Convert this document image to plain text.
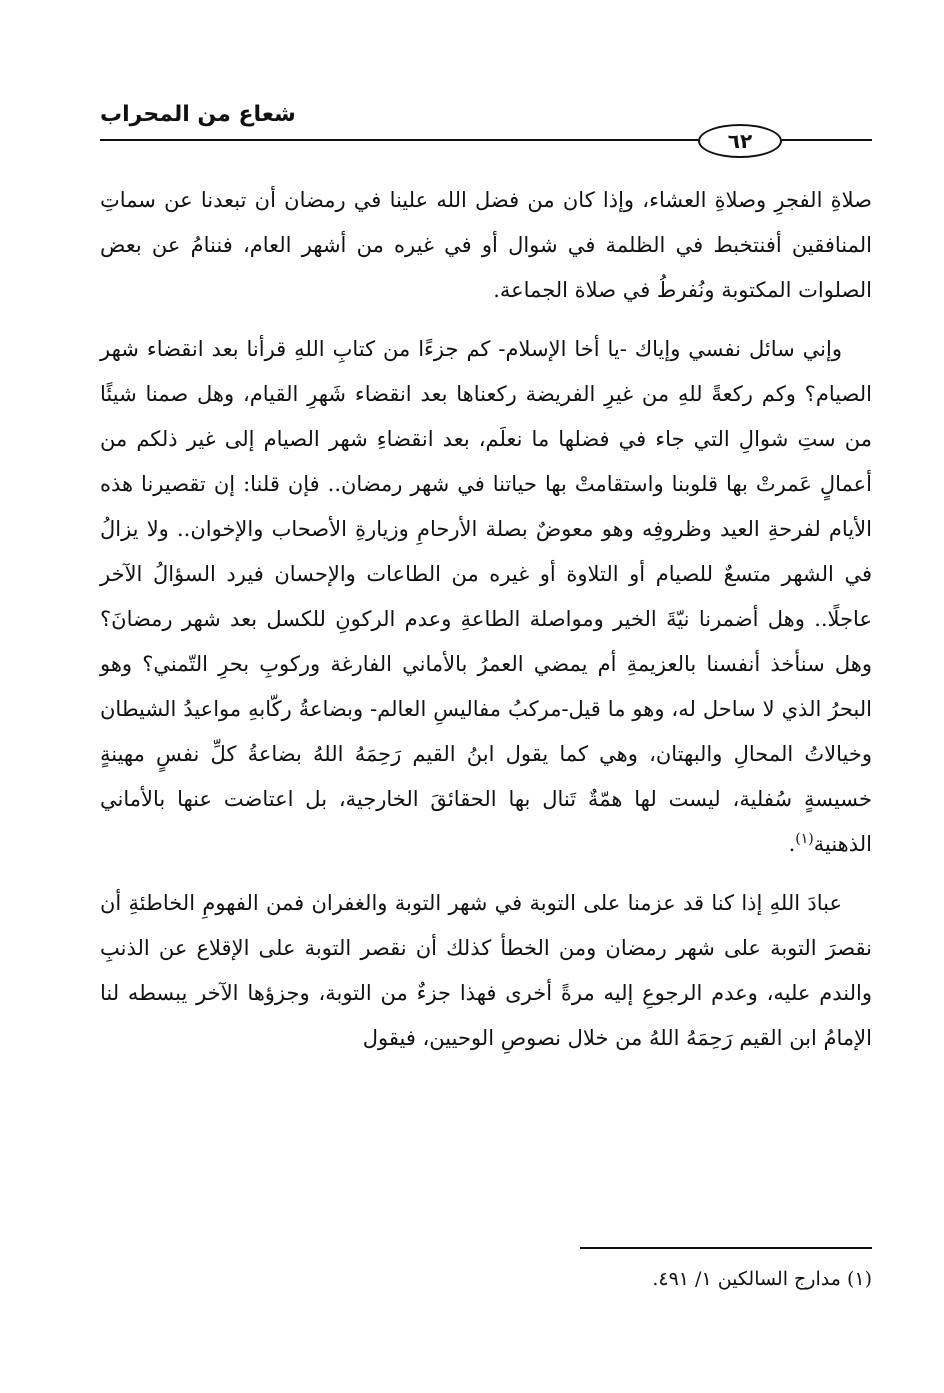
شعاع من المحراب
٦٢

صلاةِ الفجرِ وصلاةِ العشاء، وإذا كان من فضل الله علينا في رمضان أن تبعدنا عن سماتِ المنافقين أفنتخبط في الظلمة في شوال أو في غيره من أشهر العام، فننامُ عن بعض الصلوات المكتوبة ونُفرطُ في صلاة الجماعة.

وإني سائل نفسي وإياك -يا أخا الإسلام- كم جزءًا من كتابِ اللهِ قرأنا بعد انقضاء شهر الصيام؟ وكم ركعةً للهِ من غيرِ الفريضة ركعناها بعد انقضاء شَهرِ القيام، وهل صمنا شيئًا من ستِ شوالِ التي جاء في فضلها ما نعلَم، بعد انقضاءِ شهر الصيام إلى غير ذلكم من أعمالٍ عَمرتْ بها قلوبنا واستقامتْ بها حياتنا في شهر رمضان.. فإن قلنا: إن تقصيرنا هذه الأيام لفرحةِ العيد وظروفِه وهو معوضٌ بصلة الأرحامِ وزيارةِ الأصحاب والإخوان.. ولا يزالُ في الشهر متسعٌ للصيام أو التلاوة أو غيره من الطاعات والإحسان فيرد السؤالُ الآخر عاجلًا.. وهل أضمرنا نيّةَ الخير ومواصلة الطاعةِ وعدم الركونِ للكسل بعد شهر رمضانَ؟ وهل سنأخذ أنفسنا بالعزيمةِ أم يمضي العمرُ بالأماني الفارغة وركوبِ بحرِ التّمني؟ وهو البحرُ الذي لا ساحل له، وهو ما قيل-مركبُ مفاليسِ العالم- وبضاعةُ ركّابهِ مواعيدُ الشيطان وخيالاتُ المحالِ والبهتان، وهي كما يقول ابنُ القيم رَحِمَهُ اللهُ بضاعةُ كلِّ نفسٍ مهينةٍ خسيسةٍ سُفلية، ليست لها همّةٌ تَنال بها الحقائقَ الخارجية، بل اعتاضت عنها بالأماني الذهنية$^{(١)}$.

عبادَ اللهِ إذا كنا قد عزمنا على التوبة في شهر التوبة والغفران فمن الفهومِ الخاطئةِ أن نقصرَ التوبة على شهر رمضان ومن الخطأ كذلك أن نقصر التوبة على الإقلاع عن الذنبِ والندم عليه، وعدم الرجوعِ إليه مرةً أخرى فهذا جزءٌ من التوبة، وجزؤها الآخر يبسطه لنا الإمامُ ابن القيم رَحِمَهُ اللهُ من خلال نصوصِ الوحيين، فيقول

(١) مدارج السالكين ١/ ٤٩١.
